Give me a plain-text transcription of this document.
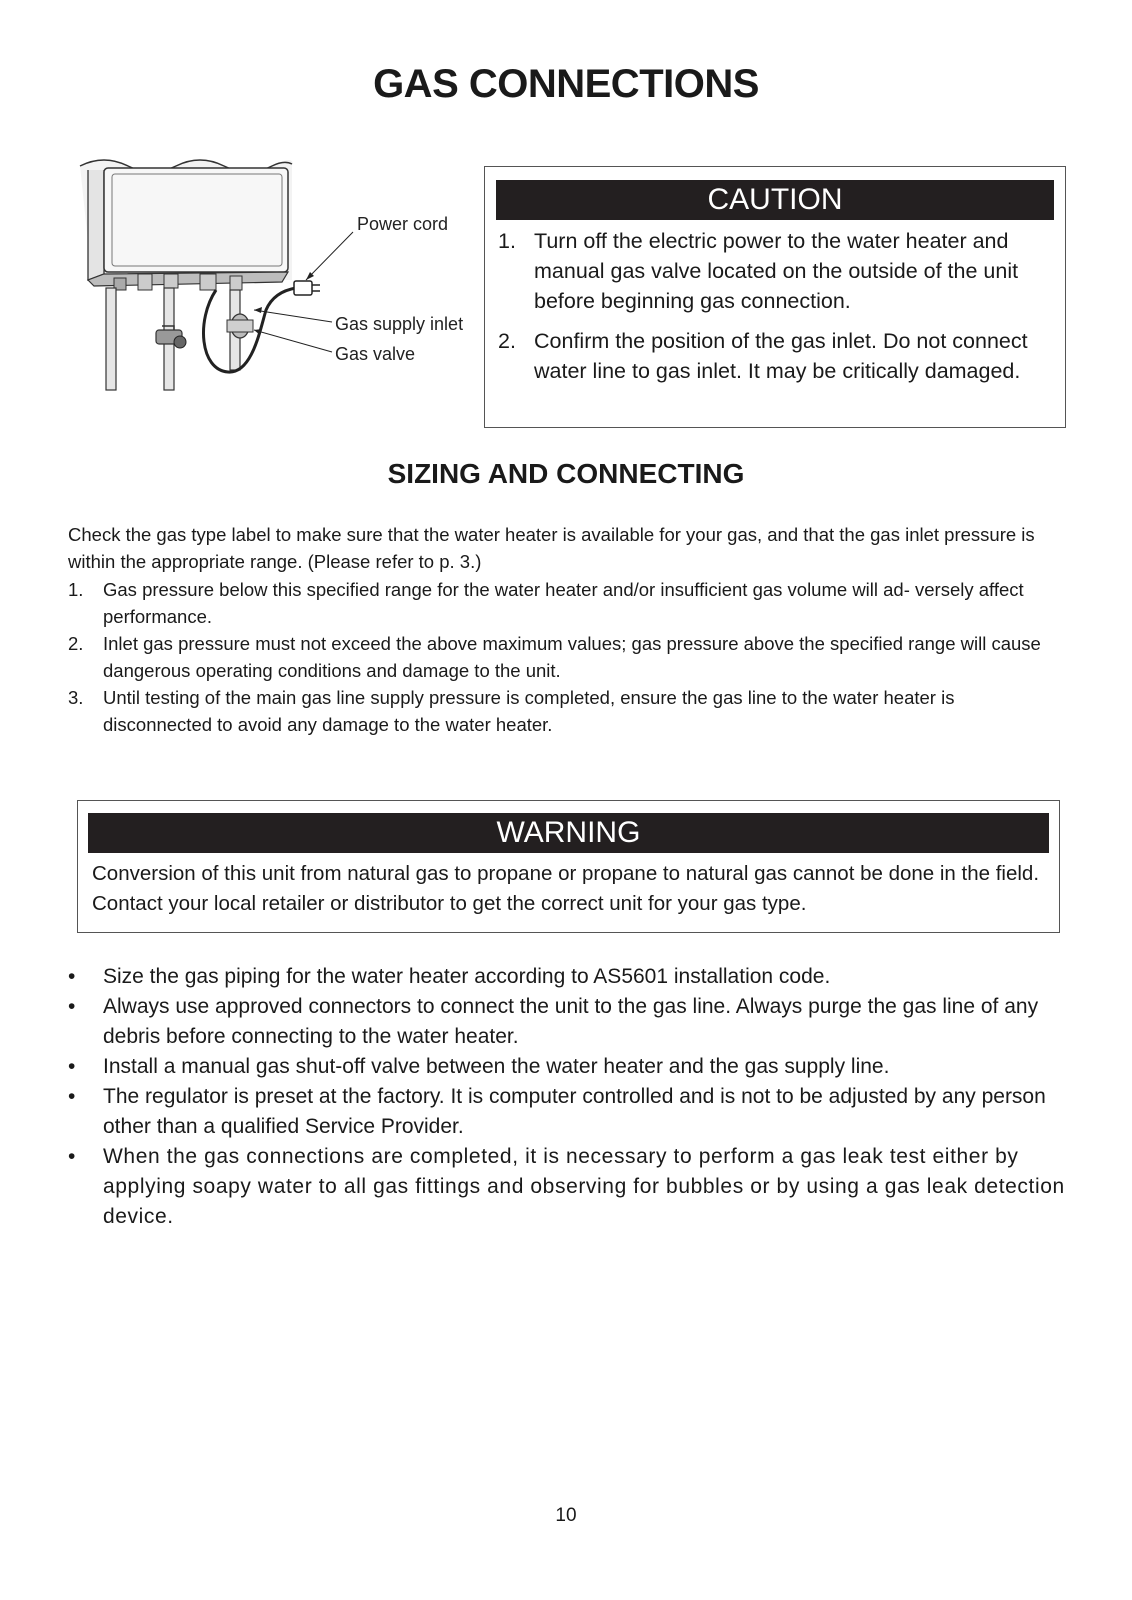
GAS CONNECTIONS
Power cord
Gas supply inlet
Gas valve
CAUTION
1. Turn off the electric power to the water heater and manual gas valve located on the outside of the unit before beginning gas connection.
2. Confirm the position of the gas inlet. Do not connect water line to gas inlet. It may be critically damaged.
SIZING AND CONNECTING
Check the gas type label to make sure that the water heater is available for your gas, and that the gas inlet pressure is within the appropriate range. (Please refer to p. 3.)
1. Gas pressure below this specified range for the water heater and/or insufficient gas volume will ad- versely affect performance.
2. Inlet gas pressure must not exceed the above maximum values; gas pressure above the specified range will cause dangerous operating conditions and damage to the unit.
3. Until testing of the main gas line supply pressure is completed, ensure the gas line to the water heater is disconnected to avoid any damage to the water heater.
WARNING
Conversion of this unit from natural gas to propane or propane to natural gas cannot be done in the field. Contact your local retailer or distributor to get the correct unit for your gas type.
• Size the gas piping for the water heater according to AS5601 installation code.
• Always use approved connectors to connect the unit to the gas line. Always purge the gas line of any debris before connecting to the water heater.
• Install a manual gas shut-off valve between the water heater and the gas supply line.
• The regulator is preset at the factory. It is computer controlled and is not to be adjusted by any person other than a qualified Service Provider.
• When the gas connections are completed, it is necessary to perform a gas leak test either by applying soapy water to all gas fittings and observing for bubbles or by using a gas leak detection device.
10
